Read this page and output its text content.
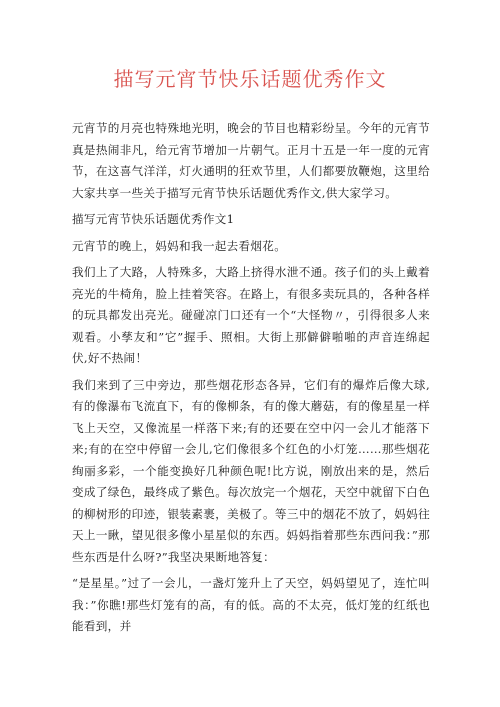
描写元宵节快乐话题优秀作文

元宵节的月亮也特殊地光明，晚会的节目也精彩纷呈。今年的元宵节真是热闹非凡，给元宵节增加一片朝气。正月十五是一年一度的元宵节，在这喜气洋洋，灯火通明的狂欢节里，人们都要放鞭炮，这里给大家共享一些关于描写元宵节快乐话题优秀作文,供大家学习。

描写元宵节快乐话题优秀作文1

元宵节的晚上，妈妈和我一起去看烟花。

我们上了大路，人特殊多，大路上挤得水泄不通。孩子们的头上戴着亮光的牛椅角，脸上挂着笑容。在路上，有很多卖玩具的，各种各样的玩具都发出亮光。碰碰凉门口还有一个“大怪物〃，引得很多人来观看。小孳友和”它”握手、照相。大街上那僻僻啪啪的声音连绵起伏,好不热闹！

我们来到了三中旁边，那些烟花形态各异，它们有的爆炸后像大球,有的像瀑布飞流直下，有的像柳条，有的像大蘑菇，有的像星星一样飞上天空，又像流星一样落下来;有的还要在空中闪一会儿才能落下来;有的在空中停留一会儿,它们像很多个红色的小灯笼……那些烟花绚丽多彩，一个能变换好几种颜色呢!比方说，刚放出来的是，然后变成了绿色，最终成了紫色。每次放完一个烟花，天空中就留下白色的柳树形的印迹，银装素裹，美极了。等三中的烟花不放了，妈妈往天上一瞅，望见很多像小星星似的东西。妈妈指着那些东西问我：”那些东西是什么呀?”我坚决果断地答复：

“是星星。”过了一会儿，一盏灯笼升上了天空，妈妈望见了，连忙叫我：”你瞧!那些灯笼有的高，有的低。高的不太亮，低灯笼的红纸也能看到，并
